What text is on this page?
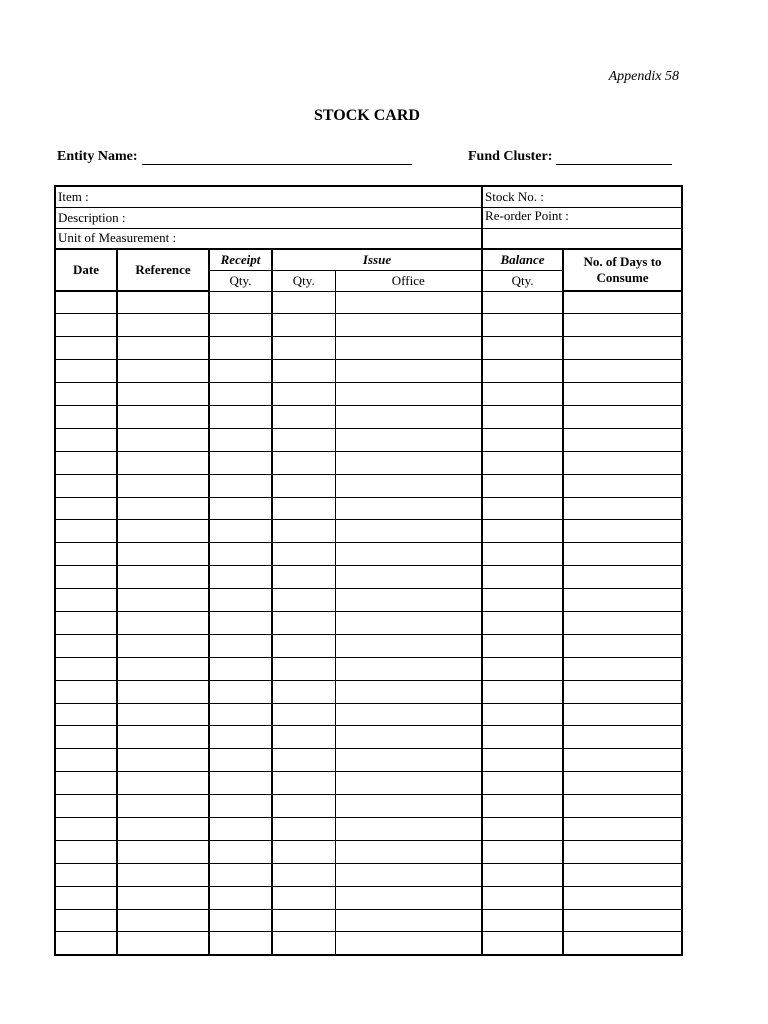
Appendix 58
STOCK CARD
Entity Name:	Fund Cluster:
Item :					Stock No. :	
Description :					Re-order Point :	
Unit of Measurement :						
Date	Reference	Receipt	Issue		Balance	No. of Days to Consume
		Qty.	Qty.	Office	Qty.	
